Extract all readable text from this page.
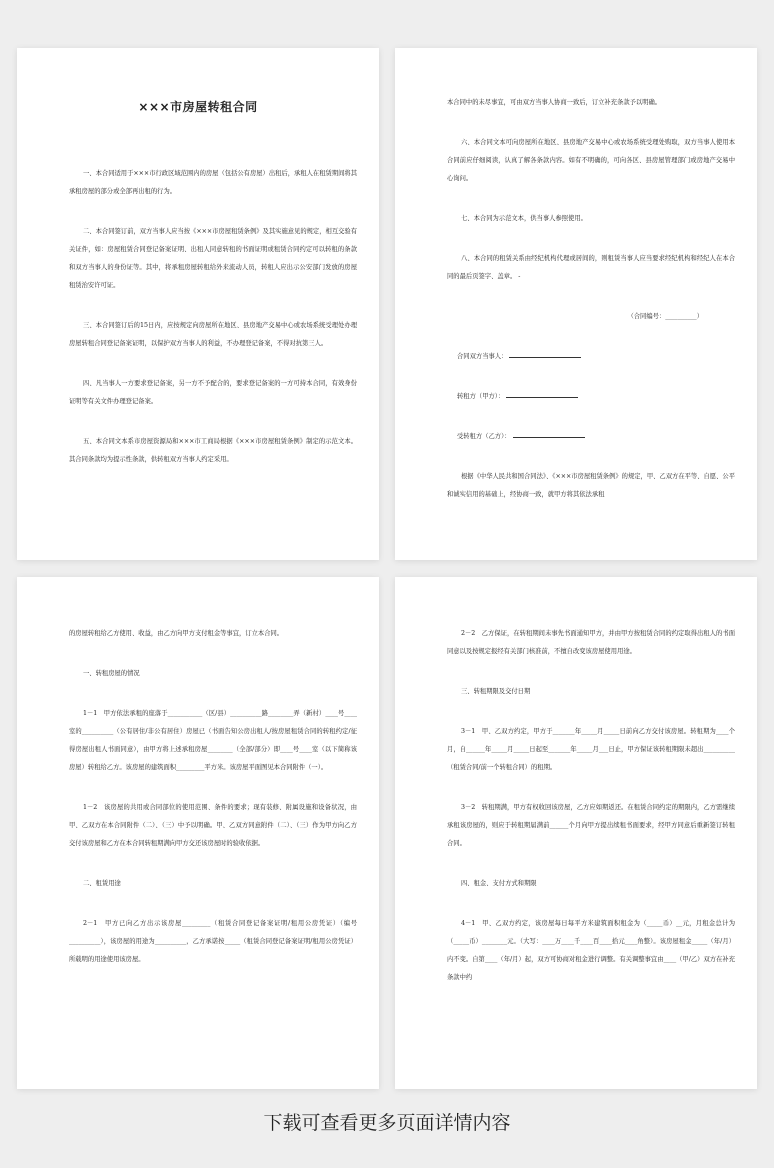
×××市房屋转租合同
一、本合同适用于×××市行政区域范围内的房屋（包括公有房屋）出租后，承租人在租赁期间将其承租房屋的部分或全部再出租的行为。
二、本合同签订前，双方当事人应当按《×××市房屋租赁条例》及其实施意见的规定，相互交验有关证件，如：房屋租赁合同登记备案证明、出租人同意转租的书面证明或租赁合同约定可以转租的条款和双方当事人的身份证等。其中，将承租房屋转租给外来流动人员，转租人应出示公安部门发放的房屋租赁治安许可证。
三、本合同签订后的15日内，应按规定向房屋所在地区、县房地产交易中心或农场系统受理处办理房屋转租合同登记备案证明，以保护双方当事人的利益，不办理登记备案，不得对抗第三人。
四、凡当事人一方要求登记备案，另一方不予配合的，要求登记备案的一方可持本合同，有效身份证明等有关文件办理登记备案。
五、本合同文本系市房屋资源局和×××市工商局根据《×××市房屋租赁条例》制定的示范文本。其合同条款均为提示性条款，供转租双方当事人约定采用。
本合同中的未尽事宜，可由双方当事人协商一致后，订立补充条款予以明确。
六、本合同文本可向房屋所在地区、县房地产交易中心或农场系统受理处购取，双方当事人使用本合同前应仔细阅读，认真了解各条款内容。如有不明确的，可向各区、县房屋管理部门或房地产交易中心询问。
七、本合同为示范文本，供当事人参照使用。
八、本合同的租赁关系由经纪机构代理或居间的，则租赁当事人应当要求经纪机构和经纪人在本合同的最后页签字、盖章。 -
（合同编号：__________）
合同双方当事人：
转租方（甲方）：
受转租方（乙方）：
根据《中华人民共和国合同法》、《×××市房屋租赁条例》的规定，甲、乙双方在平等、自愿、公平和诚实信用的基础上，经协商一致，就甲方将其依法承租
的房屋转租给乙方使用、收益，由乙方向甲方支付租金等事宜，订立本合同。
一、转租房屋的情况
1－1　甲方依法承租的座落于___________（区/县）__________路________弄（新村）____号____室的__________（公有居住/非公有居住）房屋已（书面告知公房出租人/按房屋租赁合同的转租约定/征得房屋出租人书面同意），由甲方将上述承租房屋________（全部/部分）即____号____室（以下简称该房屋）转租给乙方。该房屋的建筑面积_________平方米。该房屋平面图见本合同附件（一）。
1－2　该房屋的共用或合同部位的使用范围、条件的要求；现有装修、附属设施和设备状况，由甲、乙双方在本合同附件（二）、（三）中予以明确。甲、乙双方同意附件（二）、（三）作为甲方向乙方交付该房屋和乙方在本合同转租期满向甲方交还该房屋时的验收依据。
二、租赁用途
2－1　甲方已向乙方出示该房屋_________（租赁合同登记备案证明/租用公房凭证）（编号__________），该房屋的用途为__________，乙方承诺按_____（租赁合同登记备案证明/租用公房凭证）所载明的用途使用该房屋。
2－2　乙方保证，在转租期间未事先书面通知甲方，并由甲方按租赁合同的约定取得出租人的书面同意以及按规定报经有关部门核准前，不擅自改变该房屋使用用途。
三、转租期限及交付日期
3－1　甲、乙双方约定，甲方于_______年_____月_____日前向乙方交付该房屋。转租期为____个月，自______年_____月_____日起至_______年_____月___日止，甲方保证该转租期限未超出__________（租赁合同/前一个转租合同）的租期。
3－2　转租期满，甲方有权收回该房屋，乙方应如期返还。在租赁合同约定的期限内，乙方需继续承租该房屋的，则应于转租期届满前______个月向甲方提出续租书面要求，经甲方同意后重新签订转租合同。
四、租金、支付方式和期限
4－1　甲、乙双方约定，该房屋每日每平方米建筑面积租金为（_____币）__元，月租金总计为（_____币）________元。（大写：____万____千____百____拾元____角整）。该房屋租金_____（年/月）内不变。自第____（年/月）起，双方可协商对租金进行调整。有关调整事宜由____（甲/乙）双方在补充条款中约
下载可查看更多页面详情内容
